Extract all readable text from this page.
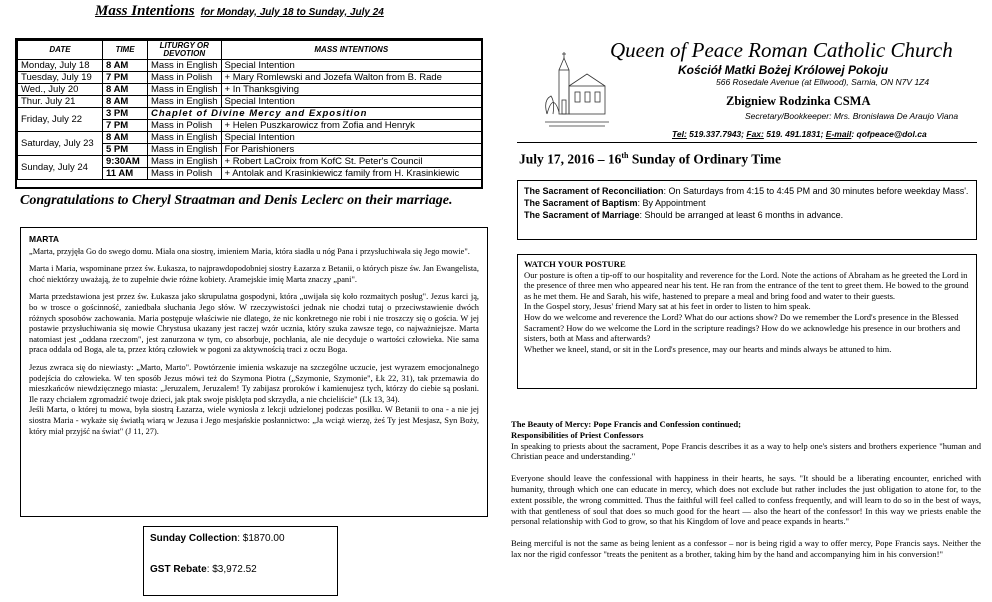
Mass Intentions for Monday, July 18 to Sunday, July 24
DATE	TIME	LITURGY OR DEVOTION	MASS INTENTIONS
Monday, July 18	8 AM	Mass in English	Special Intention
Tuesday, July 19	7 PM	Mass in Polish	+ Mary Romlewski and Jozefa Walton from B. Rade
Wed., July 20	8 AM	Mass in English	+ In Thanksgiving
Thur. July 21	8 AM	Mass in English	Special Intention
Friday, July 22	3 PM	Chaplet of Divine Mercy and Exposition	
	7 PM	Mass in Polish	+ Helen Puszkarowicz from Zofia and Henryk
Saturday, July 23	8 AM	Mass in English	Special Intention
	5 PM	Mass in English	For Parishioners
Sunday, July 24	9:30AM	Mass in English	+ Robert LaCroix from KofC St. Peter's Council
	11 AM	Mass in Polish	+ Antolak and Krasinkiewicz family from H. Krasinkiewic
Congratulations to Cheryl Straatman and Denis Leclerc on their marriage.
MARTA

„Marta, przyjęła Go do swego domu. Miała ona siostrę, imieniem Maria, która siadła u nóg Pana i przysłuchiwała się Jego mowie".

Marta i Maria, wspominane przez św. Łukasza, to najprawdopodobniej siostry Łazarza z Betanii, o których pisze św. Jan Ewangelista, choć niektórzy uważają, że to zupełnie dwie różne kobiety. Aramejskie imię Marta znaczy „pani".

Marta przedstawiona jest przez św. Łukasza jako skrupulatna gospodyni, która „uwijała się koło rozmaitych posług". Jezus karci ją, bo w trosce o gościnność, zaniedbała słuchania Jego słów. W rzeczywistości jednak nie chodzi tutaj o przeciwstawienie dwóch różnych sposobów zachowania. Maria postępuje właściwie nie dlatego, że nic konkretnego nie robi i nie troszczy się o gościa. W jej postawie przysłuchiwania się mowie Chrystusa ukazany jest raczej wzór ucznia, który szuka zawsze tego, co najważniejsze. Marta natomiast jest „oddana rzeczom", jest zanurzona w tym, co absorbuje, pochłania, ale nie decyduje o wartości człowieka. Nie sama praca oddala od Boga, ale ta, przez którą człowiek w pogoni za aktywnością traci z oczu Boga.

Jezus zwraca się do niewiasty: „Marto, Marto". Powtórzenie imienia wskazuje na szczególne uczucie, jest wyrazem emocjonalnego podejścia do człowieka. W ten sposób Jezus mówi też do Szymona Piotra („Szymonie, Szymonie", Łk 22, 31), tak przemawia do mieszkańców niewdzięcznego miasta: „Jeruzalem, Jeruzalem! Ty zabijasz proroków i kamienujesz tych, którzy do ciebie są posłani. Ile razy chciałem zgromadzić twoje dzieci, jak ptak swoje pisklęta pod skrzydła, a nie chcieliście" (Lk 13, 34).

Jeśli Marta, o której tu mowa, była siostrą Łazarza, wiele wyniosła z lekcji udzielonej podczas posiłku. W Betanii to ona - a nie jej siostra Maria - wykaże się światłą wiarą w Jezusa i Jego mesjańskie posłannictwo: „Ja wciąż wierzę, żeś Ty jest Mesjasz, Syn Boży, który miał przyjść na świat" (J 11, 27).

Sunday Collection: $1870.00
GST Rebate: $3,972.52
Queen of Peace Roman Catholic Church
Kościół Matki Bożej Królowej Pokoju
566 Rosedale Avenue (at Ellwood), Sarnia, ON N7V 1Z4
Zbigniew Rodzinka CSMA
Secretary/Bookkeeper: Mrs. Bronisława De Araujo Viana
Tel: 519.337.7943; Fax: 519. 491.1831; E-mail: qofpeace@dol.ca
July 17, 2016 – 16th Sunday of Ordinary Time
The Sacrament of Reconciliation: On Saturdays from 4:15 to 4:45 PM and 30 minutes before weekday Mass'.
The Sacrament of Baptism: By Appointment
The Sacrament of Marriage: Should be arranged at least 6 months in advance.
WATCH YOUR POSTURE
Our posture is often a tip-off to our hospitality and reverence for the Lord. Note the actions of Abraham as he greeted the Lord in the presence of three men who appeared near his tent. He ran from the entrance of the tent to greet them. He bowed to the ground as he met them. He and Sarah, his wife, hastened to prepare a meal and bring food and water to their guests.
In the Gospel story, Jesus' friend Mary sat at his feet in order to listen to him speak.
How do we welcome and reverence the Lord? What do our actions show? Do we remember the Lord's presence in the Blessed Sacrament? How do we welcome the Lord in the scripture readings? How do we acknowledge his presence in our brothers and sisters, both at Mass and afterwards?
Whether we kneel, stand, or sit in the Lord's presence, may our hearts and minds always be attuned to him.

The Beauty of Mercy: Pope Francis and Confession continued;

Responsibilities of Priest Confessors

In speaking to priests about the sacrament, Pope Francis describes it as a way to help one's sisters and brothers experience "human and Christian peace and understanding."

Everyone should leave the confessional with happiness in their hearts, he says. "It should be a liberating encounter, enriched with humanity, through which one can educate in mercy, which does not exclude but rather includes the just obligation to atone for, to the extent possible, the wrong committed. Thus the faithful will feel called to confess frequently, and will learn to do so in the best of ways, with that gentleness of soul that does so much good for the heart — also the heart of the confessor! In this way we priests enable the personal relationship with God to grow, so that his Kingdom of love and peace expands in hearts."

Being merciful is not the same as being lenient as a confessor – nor is being rigid a way to offer mercy, Pope Francis says. Neither the lax nor the rigid confessor "treats the penitent as a brother, taking him by the hand and accompanying him in his conversion!"
